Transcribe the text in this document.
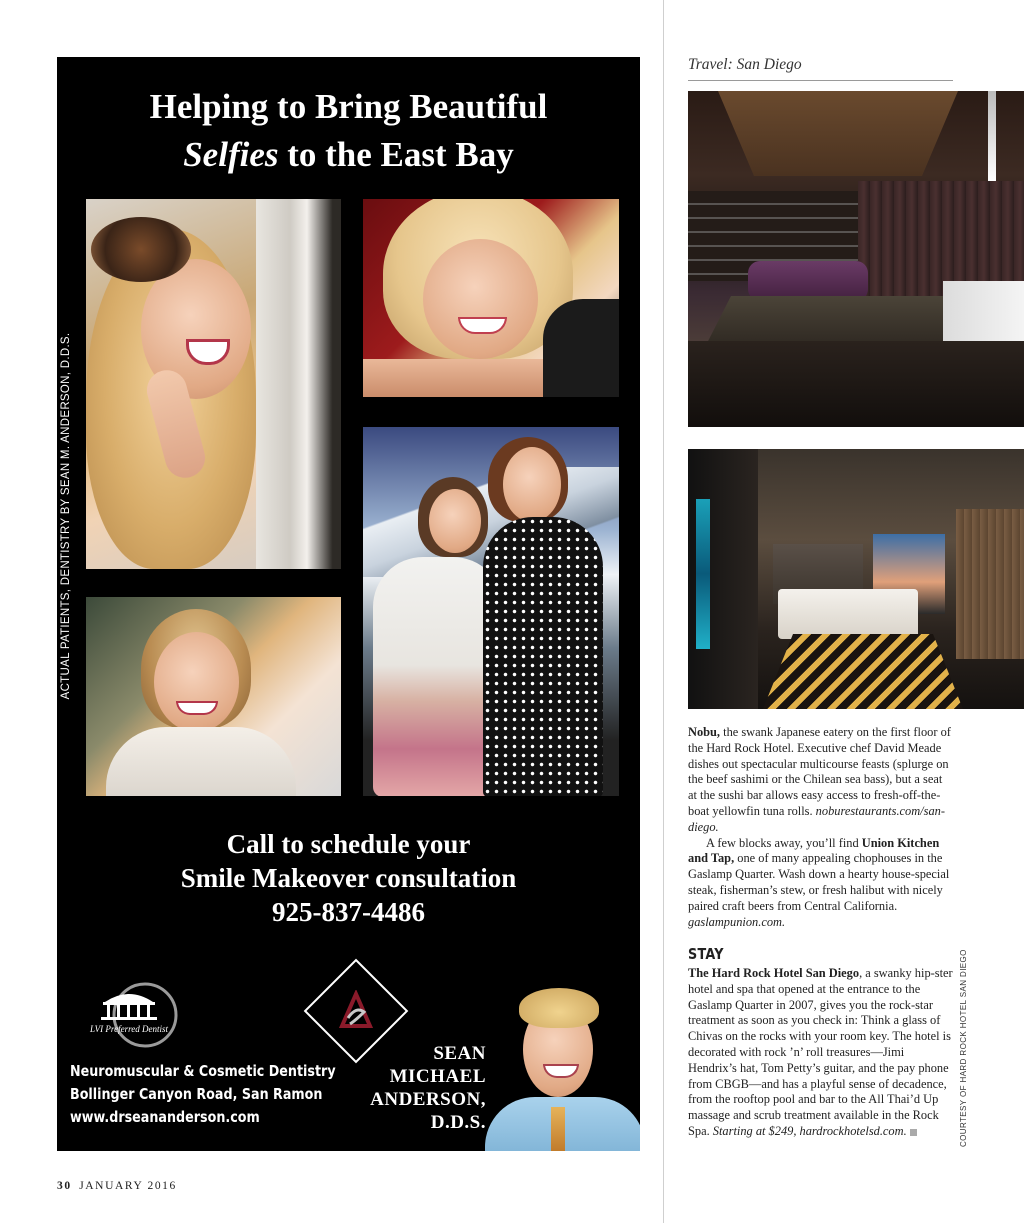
Helping to Bring Beautiful
Selfies to the East Bay
ACTUAL PATIENTS, DENTISTRY BY SEAN M. ANDERSON, D.D.S.
Call to schedule your
Smile Makeover consultation
925-837-4486
LVI Preferred Dentist
Neuromuscular & Cosmetic Dentistry
Bollinger Canyon Road, San Ramon
www.drseananderson.com
SEAN
MICHAEL
ANDERSON,
D.D.S.
30 JANUARY 2016
Travel: San Diego

Nobu, the swank Japanese eatery on the first floor of the Hard Rock Hotel. Executive chef David Meade dishes out spectacular multicourse feasts (splurge on the beef sashimi or the Chilean sea bass), but a seat at the sushi bar allows easy access to fresh-off-the-boat yellowfin tuna rolls. noburestaurants.com/san-diego.

A few blocks away, you’ll find Union Kitchen and Tap, one of many appealing chophouses in the Gaslamp Quarter. Wash down a hearty house-special steak, fisherman’s stew, or fresh halibut with nicely paired craft beers from Central California. gaslampunion.com.

STAY

The Hard Rock Hotel San Diego, a swanky hip-ster hotel and spa that opened at the entrance to the Gaslamp Quarter in 2007, gives you the rock-star treatment as soon as you check in: Think a glass of Chivas on the rocks with your room key. The hotel is decorated with rock ’n’ roll treasures—Jimi Hendrix’s hat, Tom Petty’s guitar, and the pay phone from CBGB—and has a playful sense of decadence, from the rooftop pool and bar to the All Thai’d Up massage and scrub treatment available in the Rock Spa. Starting at $249, hardrockhotelsd.com.	COURTESY OF HARD ROCK HOTEL SAN DIEGO
